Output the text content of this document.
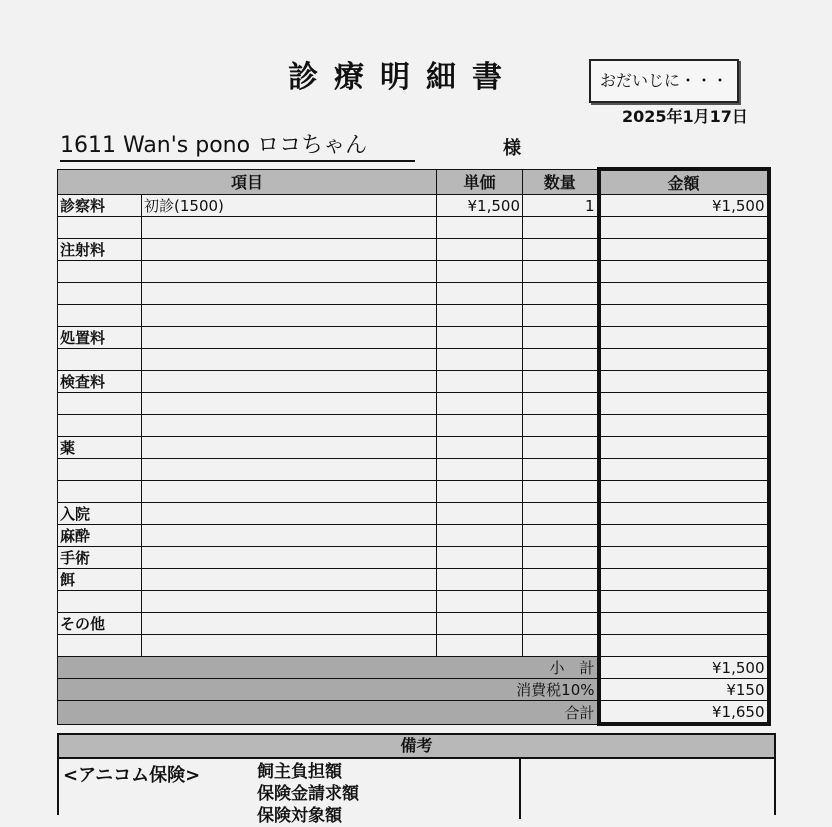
診療明細書	おだいじに・・・
2025年1月17日
1611 Wan's pono ロコちゃん	様
項目		単価	数量	金額
診察料	初診(1500)	¥1,500	1	¥1,500

注射料				

処置料				

検査料				

薬				

入院				
麻酔				
手術				
餌				

その他				

小　計				¥1,500
消費税10%				¥150
合計				¥1,650
備考
<アニコム保険>	飼主負担額
保険金請求額
保険対象額
